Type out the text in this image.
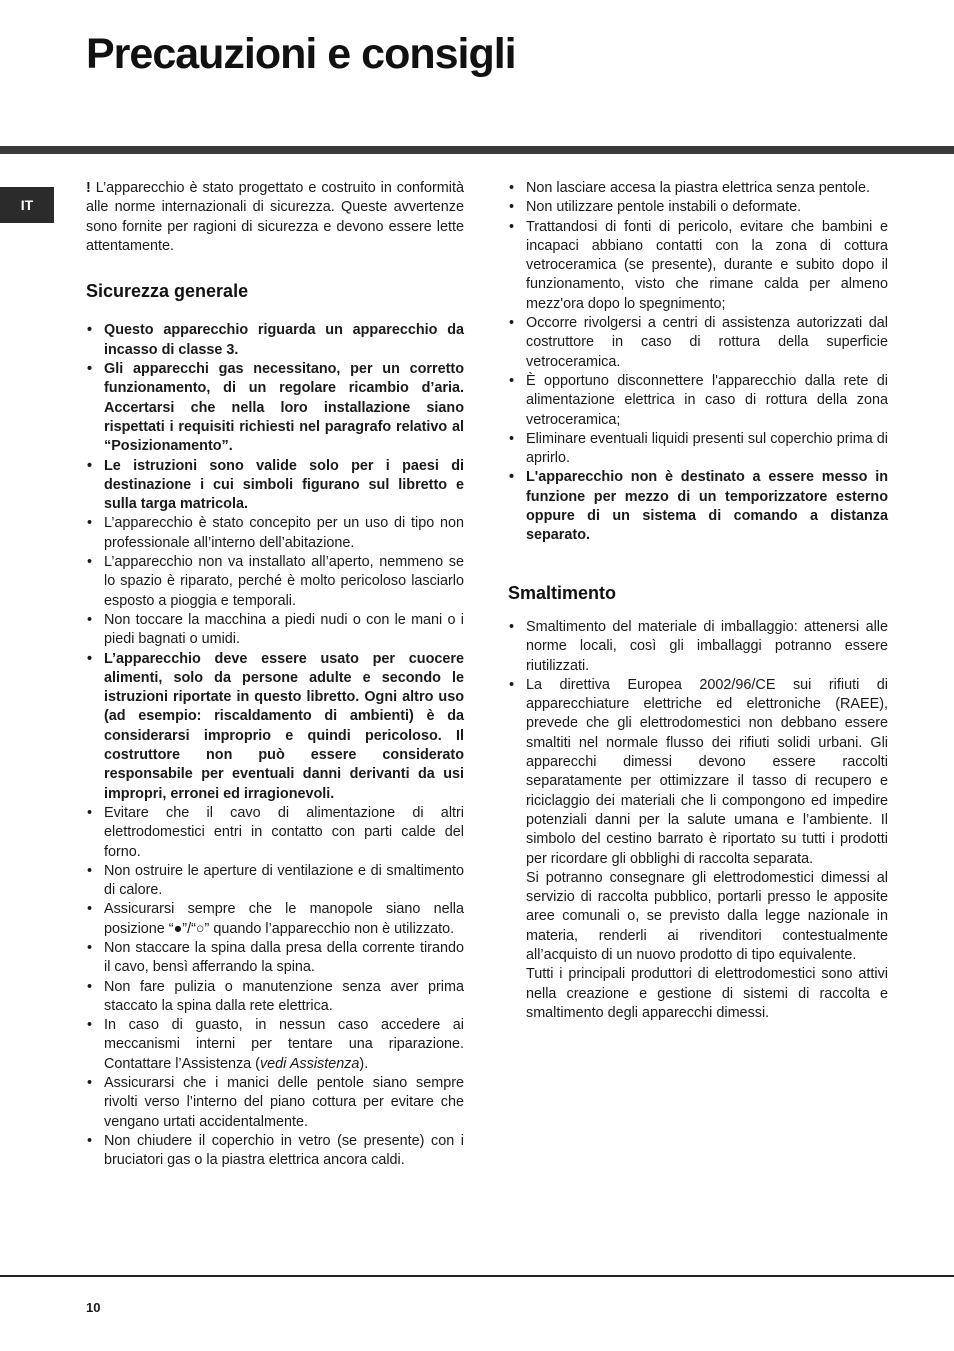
Precauzioni e consigli
IT

! L’apparecchio è stato progettato e costruito in conformità alle norme internazionali di sicurezza. Queste avvertenze sono fornite per ragioni di sicurezza e devono essere lette attentamente.

Sicurezza generale
• Questo apparecchio riguarda un apparecchio da incasso di classe 3.
• Gli apparecchi gas necessitano, per un corretto funzionamento, di un regolare ricambio d’aria. Accertarsi che nella loro installazione siano rispettati i requisiti richiesti nel paragrafo relativo al “Posizionamento”.
• Le istruzioni sono valide solo per i paesi di destinazione i cui simboli figurano sul libretto e sulla targa matricola.
• L’apparecchio è stato concepito per un uso di tipo non professionale all’interno dell’abitazione.
• L’apparecchio non va installato all’aperto, nemmeno se lo spazio è riparato, perché è molto pericoloso lasciarlo esposto a pioggia e temporali.
• Non toccare la macchina a piedi nudi o con le mani o i piedi bagnati o umidi.
• L’apparecchio deve essere usato per cuocere alimenti, solo da persone adulte e secondo le istruzioni riportate in questo libretto. Ogni altro uso (ad esempio: riscaldamento di ambienti) è da considerarsi improprio e quindi pericoloso. Il costruttore non può essere considerato responsabile per eventuali danni derivanti da usi impropri, erronei ed irragionevoli.
• Evitare che il cavo di alimentazione di altri elettrodomestici entri in contatto con parti calde del forno.
• Non ostruire le aperture di ventilazione e di smaltimento di calore.
• Assicurarsi sempre che le manopole siano nella posizione “●”/“○” quando l’apparecchio non è utilizzato.
• Non staccare la spina dalla presa della corrente tirando il cavo, bensì afferrando la spina.
• Non fare pulizia o manutenzione senza aver prima staccato la spina dalla rete elettrica.
• In caso di guasto, in nessun caso accedere ai meccanismi interni per tentare una riparazione. Contattare l’Assistenza (vedi Assistenza).
• Assicurarsi che i manici delle pentole siano sempre rivolti verso l’interno del piano cottura per evitare che vengano urtati accidentalmente.
• Non chiudere il coperchio in vetro (se presente) con i bruciatori gas o la piastra elettrica ancora caldi.
• Non lasciare accesa la piastra elettrica senza pentole.
• Non utilizzare pentole instabili o deformate.
• Trattandosi di fonti di pericolo, evitare che bambini e incapaci abbiano contatti con la zona di cottura vetroceramica (se presente), durante e subito dopo il funzionamento, visto che rimane calda per almeno mezz'ora dopo lo spegnimento;
• Occorre rivolgersi a centri di assistenza autorizzati dal costruttore in caso di rottura della superficie vetroceramica.
• È opportuno disconnettere l'apparecchio dalla rete di alimentazione elettrica in caso di rottura della zona vetroceramica;
• Eliminare eventuali liquidi presenti sul coperchio prima di aprirlo.
• L'apparecchio non è destinato a essere messo in funzione per mezzo di un temporizzatore esterno oppure di un sistema di comando a distanza separato.
Smaltimento
• Smaltimento del materiale di imballaggio: attenersi alle norme locali, così gli imballaggi potranno essere riutilizzati.
• La direttiva Europea 2002/96/CE sui rifiuti di apparecchiature elettriche ed elettroniche (RAEE), prevede che gli elettrodomestici non debbano essere smaltiti nel normale flusso dei rifiuti solidi urbani. Gli apparecchi dimessi devono essere raccolti separatamente per ottimizzare il tasso di recupero e riciclaggio dei materiali che li compongono ed impedire potenziali danni per la salute umana e l’ambiente. Il simbolo del cestino barrato è riportato su tutti i prodotti per ricordare gli obblighi di raccolta separata.

Si potranno consegnare gli elettrodomestici dimessi al servizio di raccolta pubblico, portarli presso le apposite aree comunali o, se previsto dalla legge nazionale in materia, renderli ai rivenditori contestualmente all’acquisto di un nuovo prodotto di tipo equivalente.

Tutti i principali produttori di elettrodomestici sono attivi nella creazione e gestione di sistemi di raccolta e smaltimento degli apparecchi dimessi.

10
